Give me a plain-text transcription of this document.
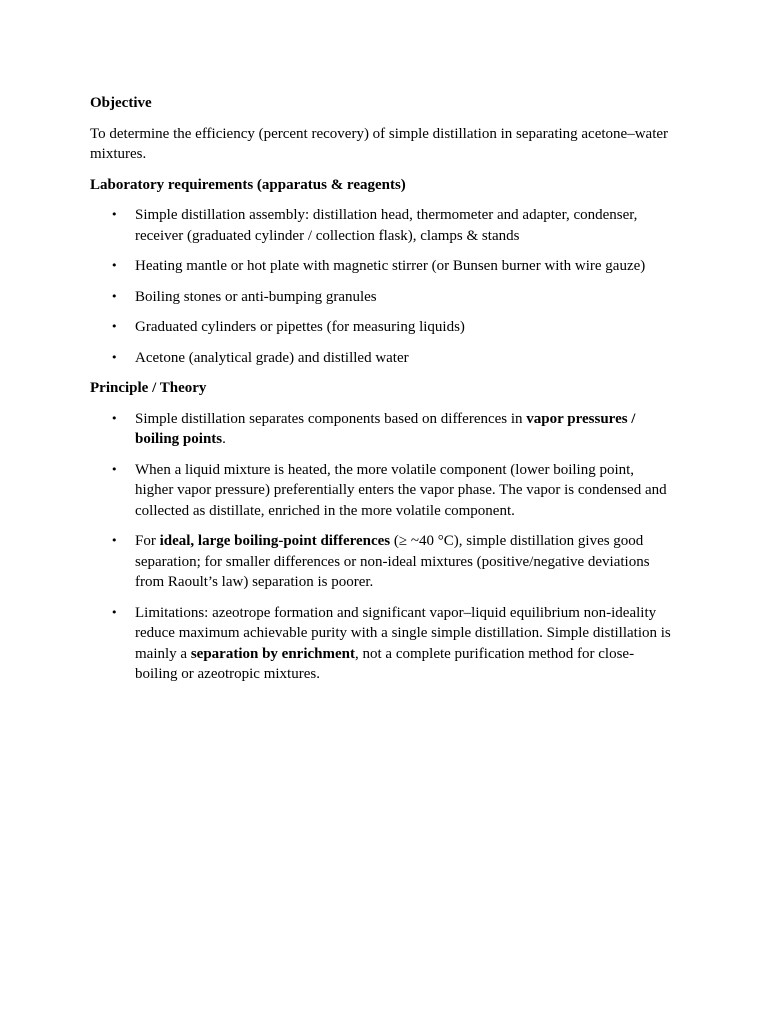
Objective

To determine the efficiency (percent recovery) of simple distillation in separating acetone–water mixtures.

Laboratory requirements (apparatus & reagents)
• Simple distillation assembly: distillation head, thermometer and adapter, condenser, receiver (graduated cylinder / collection flask), clamps & stands
• Heating mantle or hot plate with magnetic stirrer (or Bunsen burner with wire gauze)
• Boiling stones or anti-bumping granules
• Graduated cylinders or pipettes (for measuring liquids)
• Acetone (analytical grade) and distilled water
Principle / Theory
• Simple distillation separates components based on differences in vapor pressures / boiling points.
• When a liquid mixture is heated, the more volatile component (lower boiling point, higher vapor pressure) preferentially enters the vapor phase. The vapor is condensed and collected as distillate, enriched in the more volatile component.
• For ideal, large boiling-point differences (≥ ~40 °C), simple distillation gives good separation; for smaller differences or non-ideal mixtures (positive/negative deviations from Raoult’s law) separation is poorer.
• Limitations: azeotrope formation and significant vapor–liquid equilibrium non-ideality reduce maximum achievable purity with a single simple distillation. Simple distillation is mainly a separation by enrichment, not a complete purification method for close-boiling or azeotropic mixtures.
